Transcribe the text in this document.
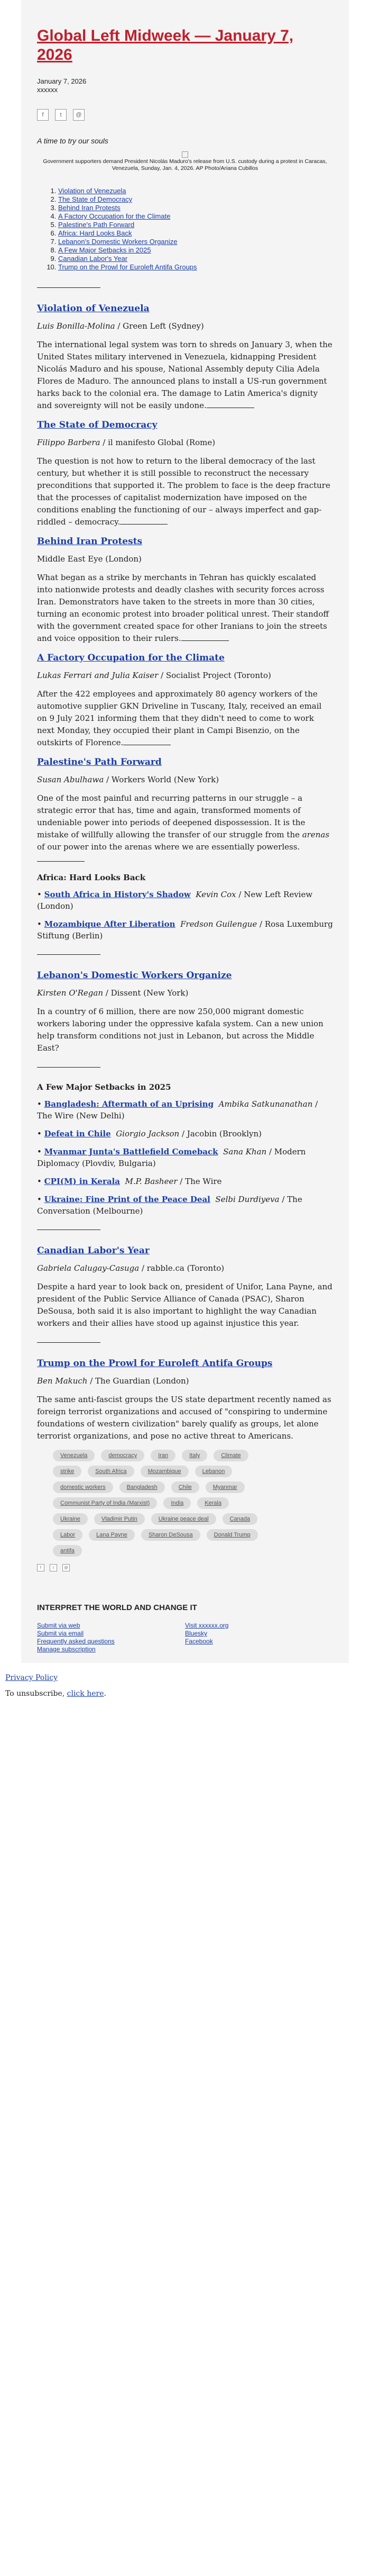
Global Left Midweek — January 7, 2026

January 7, 2026

xxxxxx

f	t	@

A time to try our souls

Government supporters demand President Nicolás Maduro's release from U.S. custody during a protest in Caracas, Venezuela, Sunday, Jan. 4, 2026. AP Photo/Ariana Cubillos
1. Violation of Venezuela
2. The State of Democracy
3. Behind Iran Protests
4. A Factory Occupation for the Climate
5. Palestine's Path Forward
6. Africa: Hard Looks Back
7. Lebanon's Domestic Workers Organize
8. A Few Major Setbacks in 2025
9. Canadian Labor's Year
10. Trump on the Prowl for Euroleft Antifa Groups
Violation of Venezuela

Luis Bonilla-Molina / Green Left (Sydney)

The international legal system was torn to shreds on January 3, when the United States military intervened in Venezuela, kidnapping President Nicolás Maduro and his spouse, National Assembly deputy Cilia Adela Flores de Maduro. The announced plans to install a US-run government harks back to the colonial era. The damage to Latin America's dignity and sovereignty will not be easily undone.

The State of Democracy

Filippo Barbera / il manifesto Global (Rome)

The question is not how to return to the liberal democracy of the last century, but whether it is still possible to reconstruct the necessary preconditions that supported it. The problem to face is the deep fracture that the processes of capitalist modernization have imposed on the conditions enabling the functioning of our – always imperfect and gap-riddled – democracy.

Behind Iran Protests

Middle East Eye (London)

What began as a strike by merchants in Tehran has quickly escalated into nationwide protests and deadly clashes with security forces across Iran. Demonstrators have taken to the streets in more than 30 cities, turning an economic protest into broader political unrest. Their standoff with the government created space for other Iranians to join the streets and voice opposition to their rulers.

A Factory Occupation for the Climate

Lukas Ferrari and Julia Kaiser / Socialist Project (Toronto)

After the 422 employees and approximately 80 agency workers of the automotive supplier GKN Driveline in Tuscany, Italy, received an email on 9 July 2021 informing them that they didn't need to come to work next Monday, they occupied their plant in Campi Bisenzio, on the outskirts of Florence.

Palestine's Path Forward

Susan Abulhawa / Workers World (New York)

One of the most painful and recurring patterns in our struggle – a strategic error that has, time and again, transformed moments of undeniable power into periods of deepened dispossession. It is the mistake of willfully allowing the transfer of our struggle from the arenas of our power into the arenas where we are essentially powerless.

Africa: Hard Looks Back

• South Africa in History's Shadow Kevin Cox / New Left Review (London)

• Mozambique After Liberation Fredson Guilengue / Rosa Luxemburg Stiftung (Berlin)

Lebanon's Domestic Workers Organize

Kirsten O'Regan / Dissent (New York)

In a country of 6 million, there are now 250,000 migrant domestic workers laboring under the oppressive kafala system. Can a new union help transform conditions not just in Lebanon, but across the Middle East?

A Few Major Setbacks in 2025

• Bangladesh: Aftermath of an Uprising Ambika Satkunanathan / The Wire (New Delhi)

• Defeat in Chile Giorgio Jackson / Jacobin (Brooklyn)

• Myanmar Junta's Battlefield Comeback Sana Khan / Modern Diplomacy (Plovdiv, Bulgaria)

• CPI(M) in Kerala M.P. Basheer / The Wire

• Ukraine: Fine Print of the Peace Deal Selbi Durdiyeva / The Conversation (Melbourne)

Canadian Labor's Year

Gabriela Calugay-Casuga / rabble.ca (Toronto)

Despite a hard year to look back on, president of Unifor, Lana Payne, and president of the Public Service Alliance of Canada (PSAC), Sharon DeSousa, both said it is also important to highlight the way Canadian workers and their allies have stood up against injustice this year.

Trump on the Prowl for Euroleft Antifa Groups

Ben Makuch / The Guardian (London)

The same anti-fascist groups the US state department recently named as foreign terrorist organizations and accused of "conspiring to undermine foundations of western civilization" barely qualify as groups, let alone terrorist organizations, and pose no active threat to Americans.

Venezuela	democracy	Iran	Italy	Climate
strike	South Africa	Mozambique	Lebanon
domestic workers	Bangladesh	Chile	Myanmar
Communist Party of India (Marxist)	India	Kerala
Ukraine	Vladimir Putin	Ukraine peace deal	Canada
Labor	Lana Payne	Sharon DeSousa	Donald Trump
antifa
f	t	@
INTERPRET THE WORLD AND CHANGE IT
Submit via web
Submit via email
Frequently asked questions
Manage subscription
Visit xxxxxx.org
Bluesky
Facebook

Privacy Policy

To unsubscribe, click here.
